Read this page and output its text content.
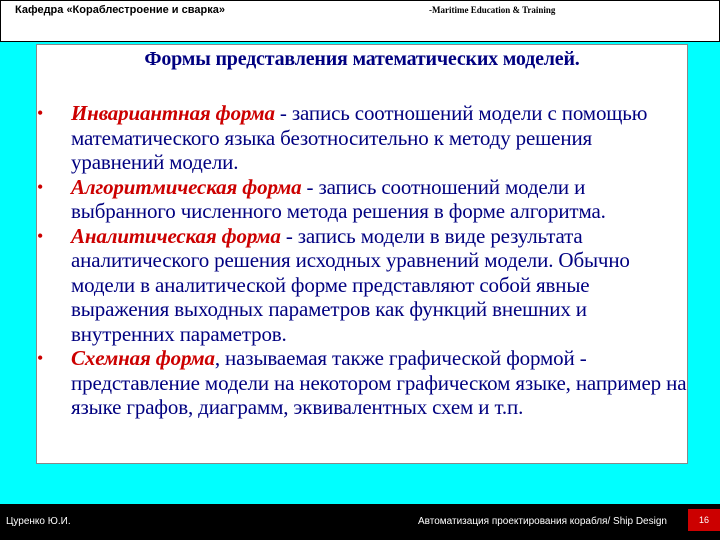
Кафедра «Кораблестроение и сварка»	-Maritime Education & Training
Формы представления математических моделей.
•	Инвариантная форма - запись соотношений модели с помощью математического языка безотносительно к методу решения уравнений модели.
•	Алгоритмическая форма - запись соотношений модели и выбранного численного метода решения в форме алгоритма.
•	Аналитическая форма - запись модели в виде результата аналитического решения исходных уравнений модели. Обычно модели в аналитической форме представляют собой явные выражения выходных параметров как функций внешних и внутренних параметров.
•	Схемная форма, называемая также графической формой - представление модели на некотором графическом языке, например на языке графов, диаграмм, эквивалентных схем и т.п.
Цуренко Ю.И.	Автоматизация проектирования корабля/ Ship Design	16
